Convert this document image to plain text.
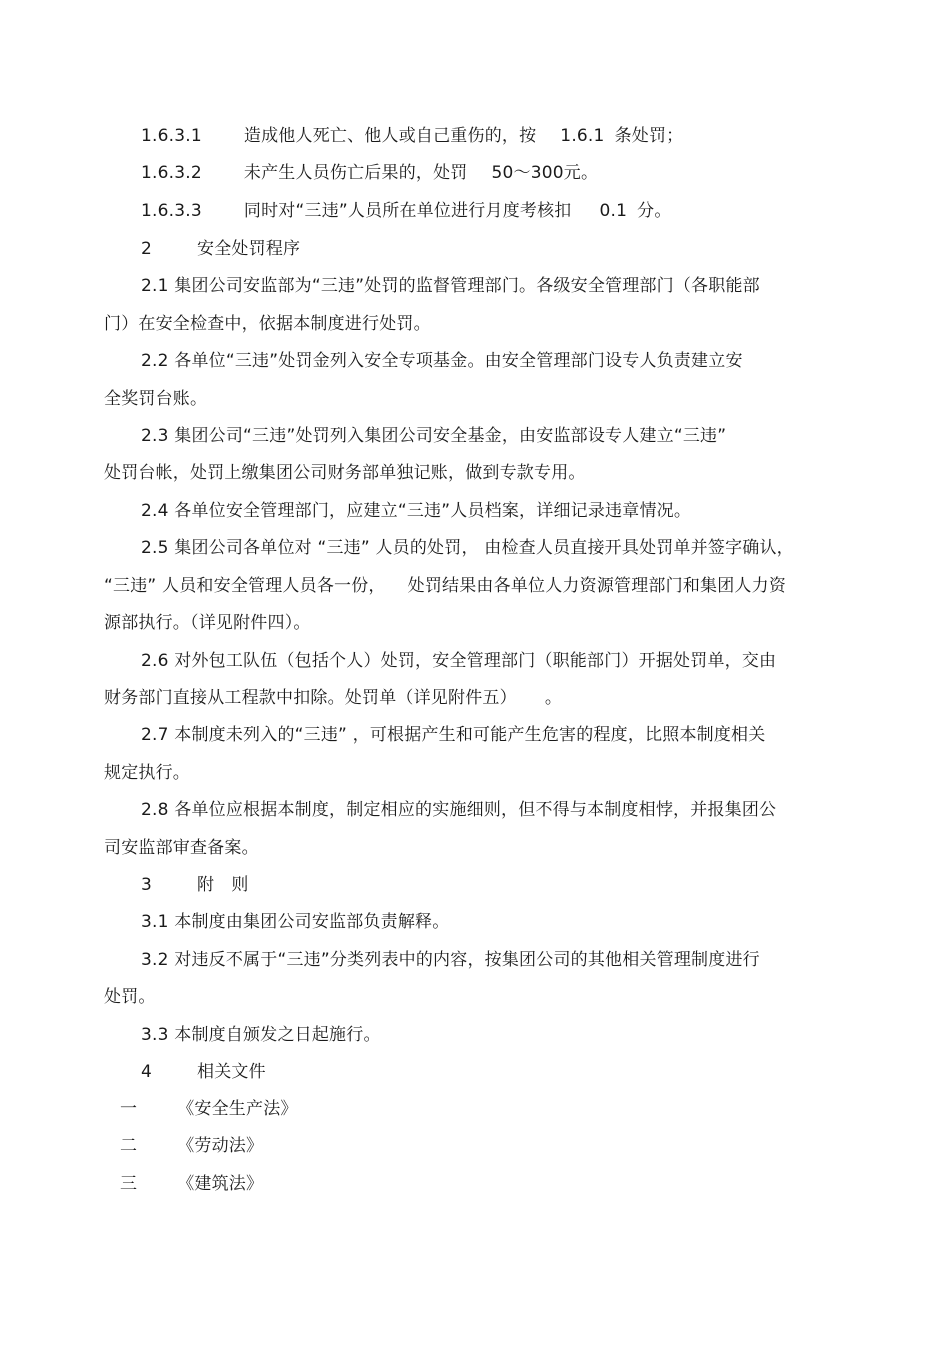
1.6.3.1 造成他人死亡、他人或自己重伤的，按 1.6.1 条处罚；
1.6.3.2 未产生人员伤亡后果的，处罚 50～300元。
1.6.3.3 同时对“三违”人员所在单位进行月度考核扣 0.1 分。
2	安全处罚程序
2.1 集团公司安监部为“三违”处罚的监督管理部门。各级安全管理部门（各职能部
门）在安全检查中，依据本制度进行处罚。
2.2 各单位“三违”处罚金列入安全专项基金。由安全管理部门设专人负责建立安
全奖罚台账。
2.3 集团公司“三违”处罚列入集团公司安全基金，由安监部设专人建立“三违”
处罚台帐，处罚上缴集团公司财务部单独记账，做到专款专用。
2.4 各单位安全管理部门，应建立“三违”人员档案，详细记录违章情况。
2.5 集团公司各单位对 “三违” 人员的处罚， 由检查人员直接开具处罚单并签字确认，
“三违” 人员和安全管理人员各一份， 处罚结果由各单位人力资源管理部门和集团人力资
源部执行。（详见附件四）。
2.6 对外包工队伍（包括个人）处罚，安全管理部门（职能部门）开据处罚单，交由
财务部门直接从工程款中扣除。处罚单（详见附件五） 。
2.7 本制度未列入的“三违” ，可根据产生和可能产生危害的程度，比照本制度相关
规定执行。
2.8 各单位应根据本制度，制定相应的实施细则，但不得与本制度相悖，并报集团公
司安监部审查备案。
3	附　则
3.1 本制度由集团公司安监部负责解释。
3.2 对违反不属于“三违”分类列表中的内容，按集团公司的其他相关管理制度进行
处罚。
3.3 本制度自颁发之日起施行。
4	相关文件
一 《安全生产法》
二 《劳动法》
三 《建筑法》
